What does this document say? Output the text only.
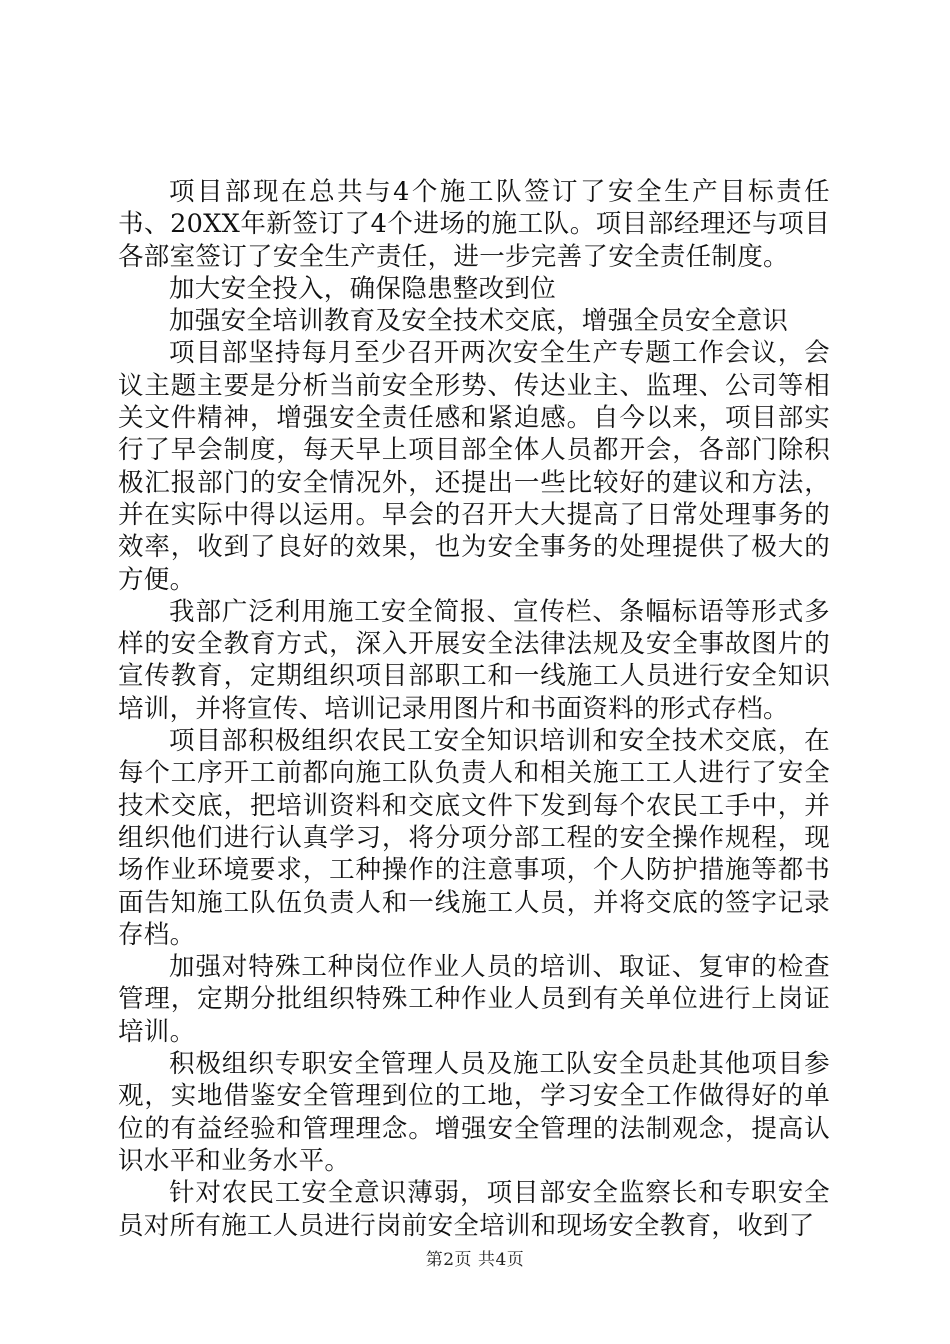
项目部现在总共与4个施工队签订了安全生产目标责任书、20XX年新签订了4个进场的施工队。项目部经理还与项目各部室签订了安全生产责任，进一步完善了安全责任制度。

加大安全投入，确保隐患整改到位

加强安全培训教育及安全技术交底，增强全员安全意识

项目部坚持每月至少召开两次安全生产专题工作会议，会议主题主要是分析当前安全形势、传达业主、监理、公司等相关文件精神，增强安全责任感和紧迫感。自今以来，项目部实行了早会制度，每天早上项目部全体人员都开会，各部门除积极汇报部门的安全情况外，还提出一些比较好的建议和方法，并在实际中得以运用。早会的召开大大提高了日常处理事务的效率，收到了良好的效果，也为安全事务的处理提供了极大的方便。

我部广泛利用施工安全简报、宣传栏、条幅标语等形式多样的安全教育方式，深入开展安全法律法规及安全事故图片的宣传教育，定期组织项目部职工和一线施工人员进行安全知识培训，并将宣传、培训记录用图片和书面资料的形式存档。

项目部积极组织农民工安全知识培训和安全技术交底，在每个工序开工前都向施工队负责人和相关施工工人进行了安全技术交底，把培训资料和交底文件下发到每个农民工手中，并组织他们进行认真学习，将分项分部工程的安全操作规程，现场作业环境要求，工种操作的注意事项，个人防护措施等都书面告知施工队伍负责人和一线施工人员，并将交底的签字记录存档。

加强对特殊工种岗位作业人员的培训、取证、复审的检查管理，定期分批组织特殊工种作业人员到有关单位进行上岗证培训。

积极组织专职安全管理人员及施工队安全员赴其他项目参观，实地借鉴安全管理到位的工地，学习安全工作做得好的单位的有益经验和管理理念。增强安全管理的法制观念，提高认识水平和业务水平。

针对农民工安全意识薄弱，项目部安全监察长和专职安全员对所有施工人员进行岗前安全培训和现场安全教育，收到了

第2页 共4页
